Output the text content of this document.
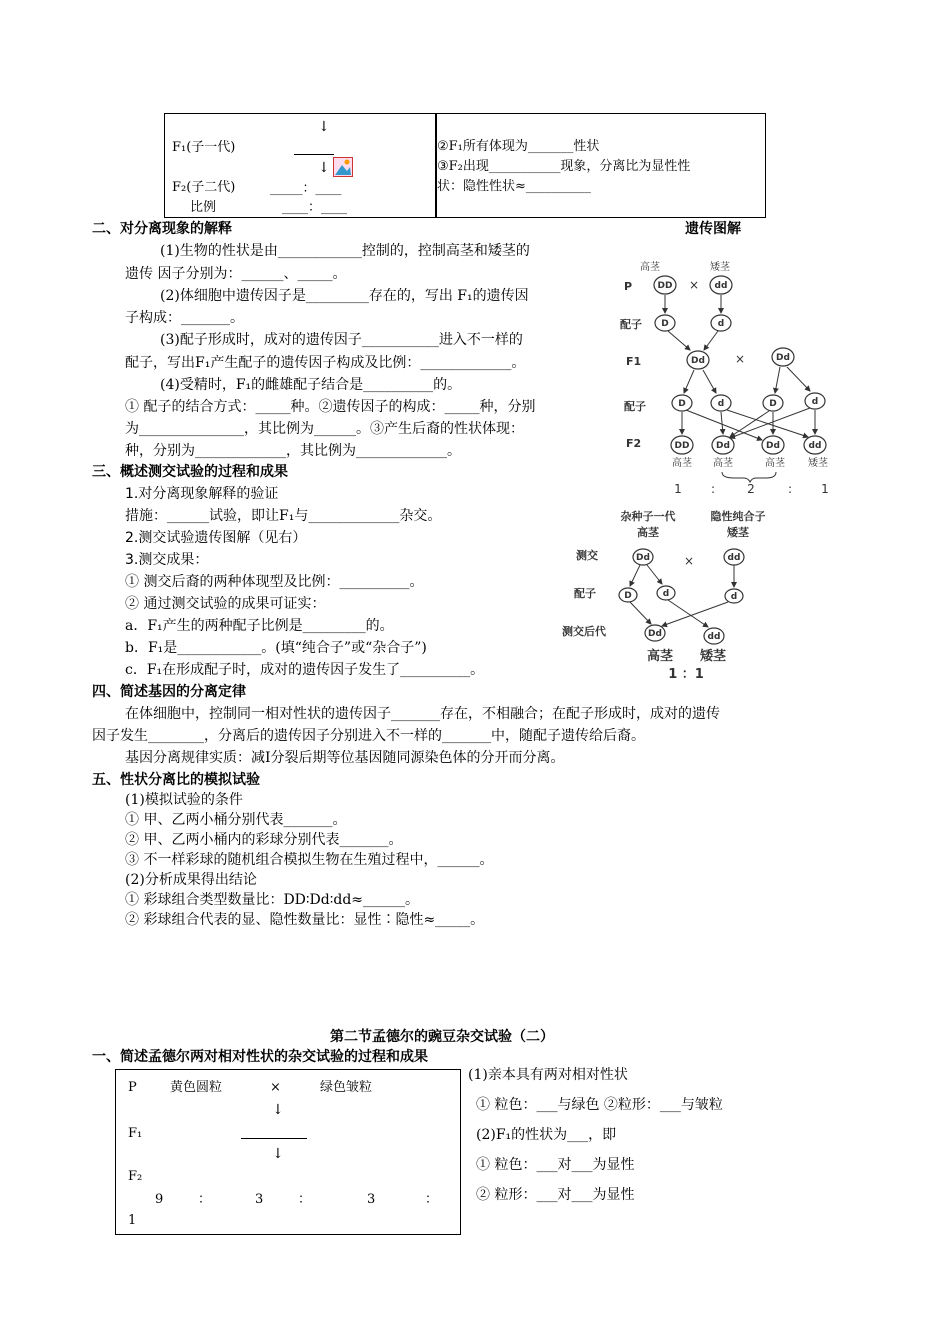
↓
F₁(子一代)
↓
F₂(子二代)	_____：____
比例	____：____
②F₁所有体现为_______性状
③F₂出现___________现象，分离比为显性性
状：隐性性状≈__________
二、对分离现象的解释	遗传图解
(1)生物的性状是由____________控制的，控制高茎和矮茎的
遗传 因子分别为：______、_____。
(2)体细胞中遗传因子是_________存在的，写出 F₁的遗传因
子构成：_______。
(3)配子形成时，成对的遗传因子___________进入不一样的
配子，写出F₁产生配子的遗传因子构成及比例：_____________。
(4)受精时，F₁的雌雄配子结合是__________的。
① 配子的结合方式：_____种。②遗传因子的构成：_____种，分别
为_______________，其比例为______。③产生后裔的性状体现：
种，分别为_____________，其比例为_____________。
高茎	矮茎
P
配子
F1
配子
F2
DD	dd
D	d
Dd	Dd
D	d	D	d
DD	Dd	Dd	dd
×
×
高茎 高茎	高茎 矮茎
1 :	2	: 1
三、概述测交试验的过程和成果
1.对分离现象解释的验证
措施：______试验，即让F₁与_____________杂交。
2.测交试验遗传图解（见右）
3.测交成果：
① 测交后裔的两种体现型及比例：__________。
② 通过测交试验的成果可证实：
a．F₁产生的两种配子比例是_________的。
b．F₁是____________。(填“纯合子”或“杂合子”)
c．F₁在形成配子时，成对的遗传因子发生了__________。
杂种子一代
高茎
隐性纯合子
矮茎
测交
配子
测交后代
Dd	dd
D	d	d
Dd	dd
×
高茎 矮茎
1 ：1
四、简述基因的分离定律
在体细胞中，控制同一相对性状的遗传因子_______存在，不相融合；在配子形成时，成对的遗传
因子发生________，分离后的遗传因子分别进入不一样的_______中，随配子遗传给后裔。
基因分离规律实质：减Ⅰ分裂后期等位基因随同源染色体的分开而分离。
五、性状分离比的模拟试验
(1)模拟试验的条件
① 甲、乙两小桶分别代表_______。
② 甲、乙两小桶内的彩球分别代表_______。
③ 不一样彩球的随机组合模拟生物在生殖过程中，______。
(2)分析成果得出结论
① 彩球组合类型数量比：DD∶Dd∶dd≈______。
② 彩球组合代表的显、隐性数量比：显性∶隐性≈_____。
第二节孟德尔的豌豆杂交试验（二）
一、简述孟德尔两对相对性状的杂交试验的过程和成果
P	黄色圆粒	×	绿色皱粒
↓
F₁
↓
F₂
9	：	3	：	3	：
1
(1)亲本具有两对相对性状
① 粒色：___与绿色 ②粒形：___与皱粒
(2)F₁的性状为___，即
① 粒色：___对___为显性
② 粒形：___对___为显性
